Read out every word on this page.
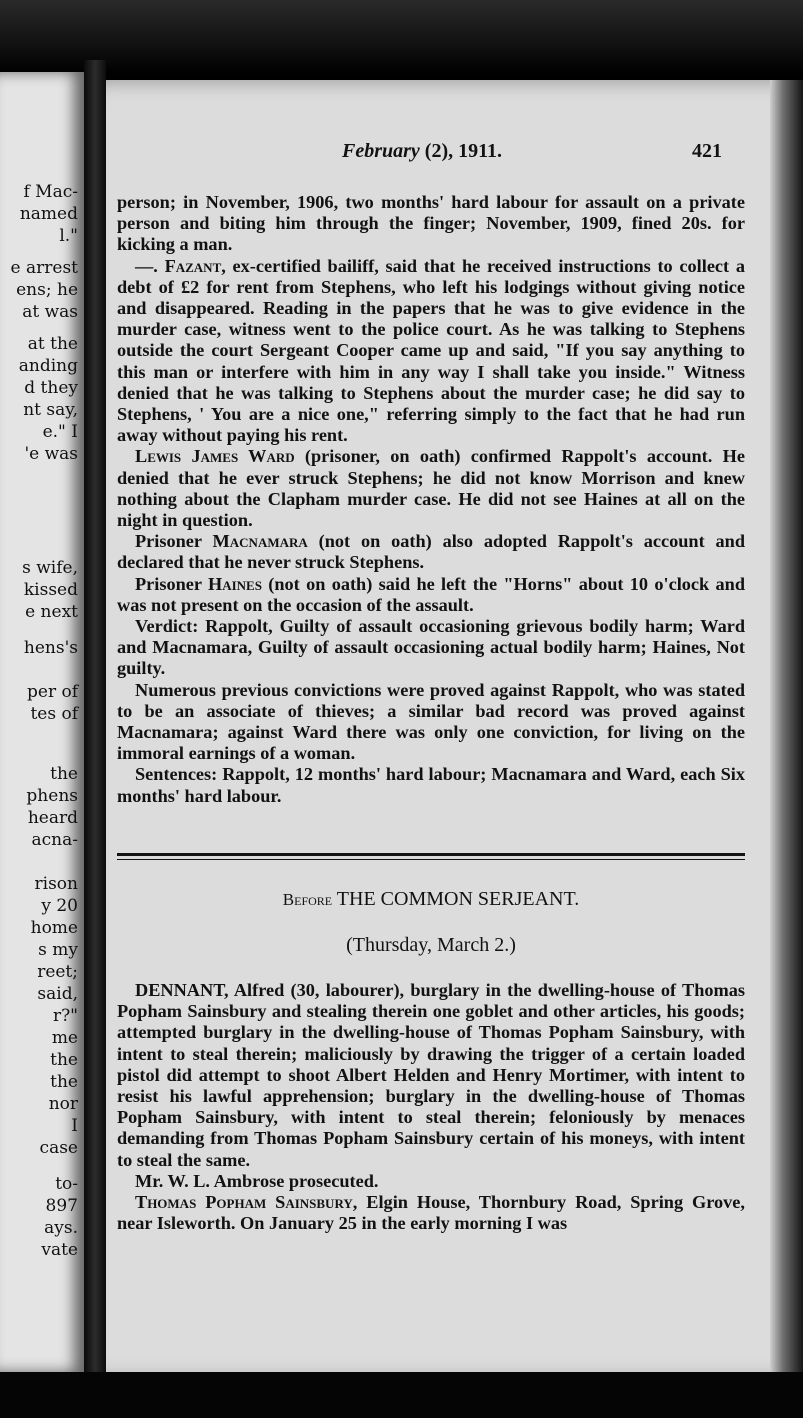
f Mac-
named
l."
e arrest
ens; he
at was
at the
anding
d they
nt say,
e." I
'e was
s wife,
kissed
e next
hens's
per of
tes of
the
phens
heard
acna-
rison
y 20
home
s my
reet;
said,
r?"
me
the
the
nor
I
case
to-
897
ays.
vate
February (2), 1911.	421

person; in November, 1906, two months' hard labour for assault on a private person and biting him through the finger; November, 1909, fined 20s. for kicking a man.

—. Fazant, ex-certified bailiff, said that he received instructions to collect a debt of £2 for rent from Stephens, who left his lodgings without giving notice and disappeared. Reading in the papers that he was to give evidence in the murder case, witness went to the police court. As he was talking to Stephens outside the court Sergeant Cooper came up and said, "If you say anything to this man or interfere with him in any way I shall take you inside." Witness denied that he was talking to Stephens about the murder case; he did say to Stephens, ' You are a nice one," referring simply to the fact that he had run away without paying his rent.

Lewis James Ward (prisoner, on oath) confirmed Rappolt's account. He denied that he ever struck Stephens; he did not know Morrison and knew nothing about the Clapham murder case. He did not see Haines at all on the night in question.

Prisoner Macnamara (not on oath) also adopted Rappolt's account and declared that he never struck Stephens.

Prisoner Haines (not on oath) said he left the "Horns" about 10 o'clock and was not present on the occasion of the assault.

Verdict: Rappolt, Guilty of assault occasioning grievous bodily harm; Ward and Macnamara, Guilty of assault occasioning actual bodily harm; Haines, Not guilty.

Numerous previous convictions were proved against Rappolt, who was stated to be an associate of thieves; a similar bad record was proved against Macnamara; against Ward there was only one conviction, for living on the immoral earnings of a woman.

Sentences: Rappolt, 12 months' hard labour; Macnamara and Ward, each Six months' hard labour.

Before THE COMMON SERJEANT.
(Thursday, March 2.)

DENNANT, Alfred (30, labourer), burglary in the dwelling-house of Thomas Popham Sainsbury and stealing therein one goblet and other articles, his goods; attempted burglary in the dwelling-house of Thomas Popham Sainsbury, with intent to steal therein; maliciously by drawing the trigger of a certain loaded pistol did attempt to shoot Albert Helden and Henry Mortimer, with intent to resist his lawful apprehension; burglary in the dwelling-house of Thomas Popham Sainsbury, with intent to steal therein; feloniously by menaces demanding from Thomas Popham Sainsbury certain of his moneys, with intent to steal the same.

Mr. W. L. Ambrose prosecuted.

Thomas Popham Sainsbury, Elgin House, Thornbury Road, Spring Grove, near Isleworth. On January 25 in the early morning I was
